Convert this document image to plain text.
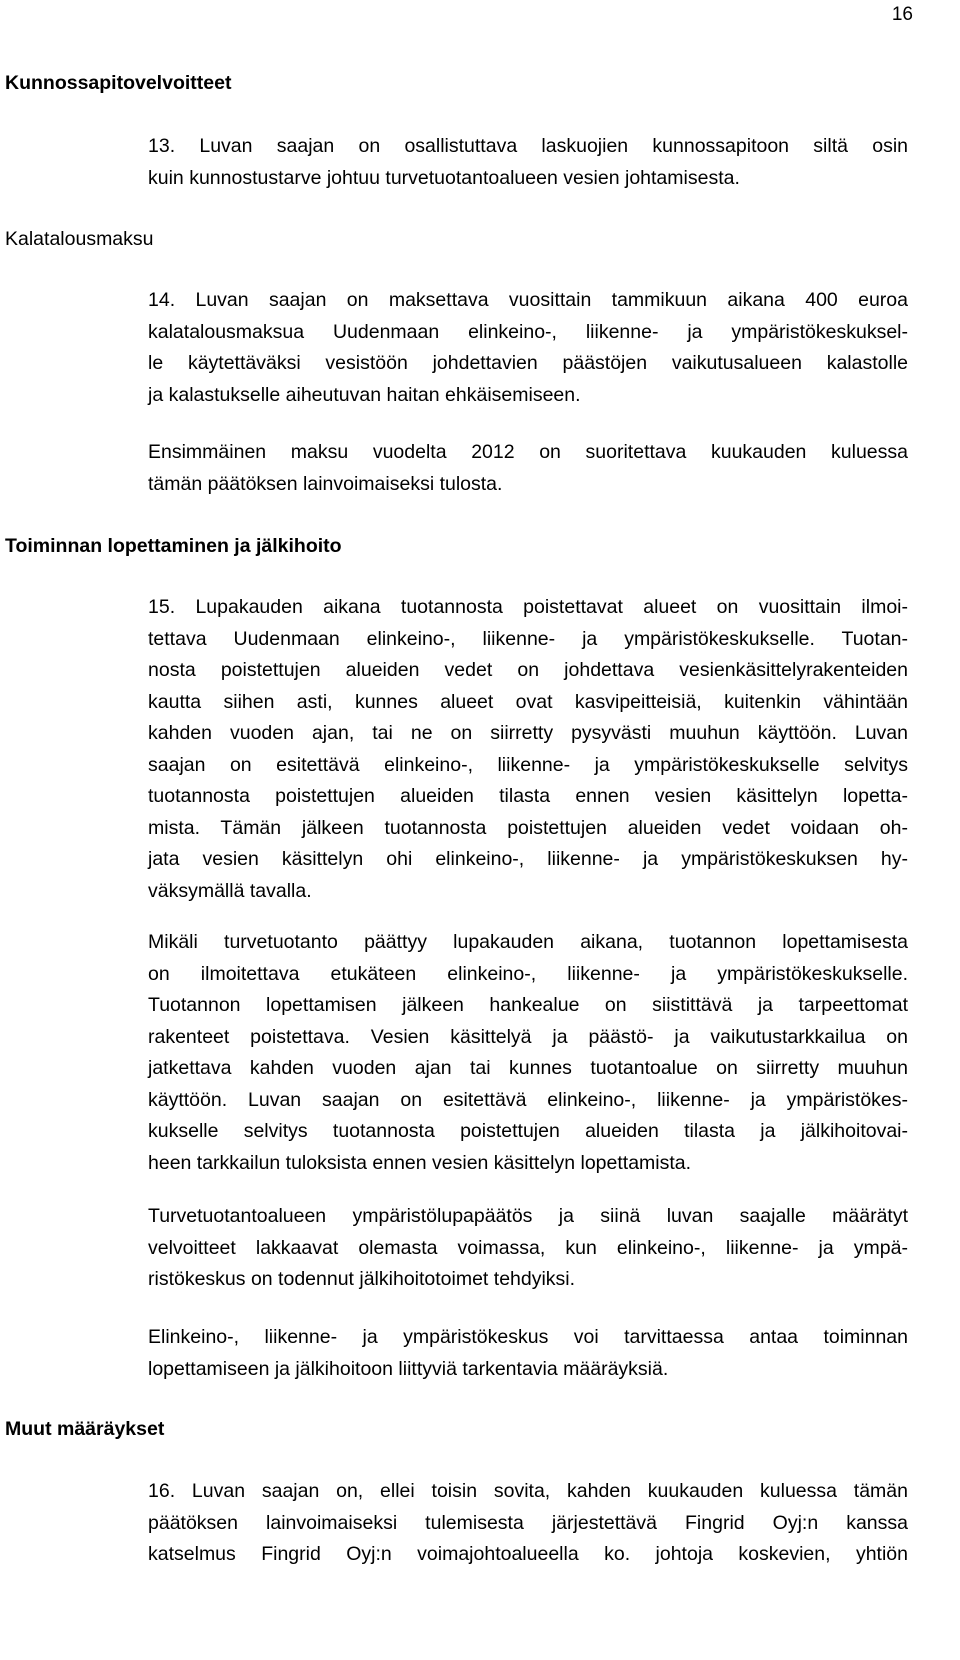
16
Kunnossapitovelvoitteet
Kalatalousmaksu
Toiminnan lopettaminen ja jälkihoito
Muut määräykset
13. Luvan saajan on osallistuttava laskuojien kunnossapitoon siltä osin
kuin kunnostustarve johtuu turvetuotantoalueen vesien johtamisesta.
14. Luvan saajan on maksettava vuosittain tammikuun aikana 400 euroa
kalatalousmaksua Uudenmaan elinkeino-, liikenne- ja ympäristökeskuksel-
le käytettäväksi vesistöön johdettavien päästöjen vaikutusalueen kalastolle
ja kalastukselle aiheutuvan haitan ehkäisemiseen.
Ensimmäinen maksu vuodelta 2012 on suoritettava kuukauden kuluessa
tämän päätöksen lainvoimaiseksi tulosta.
15. Lupakauden aikana tuotannosta poistettavat alueet on vuosittain ilmoi-
tettava Uudenmaan elinkeino-, liikenne- ja ympäristökeskukselle. Tuotan-
nosta poistettujen alueiden vedet on johdettava vesienkäsittelyrakenteiden
kautta siihen asti, kunnes alueet ovat kasvipeitteisiä, kuitenkin vähintään
kahden vuoden ajan, tai ne on siirretty pysyvästi muuhun käyttöön. Luvan
saajan on esitettävä elinkeino-, liikenne- ja ympäristökeskukselle selvitys
tuotannosta poistettujen alueiden tilasta ennen vesien käsittelyn lopetta-
mista. Tämän jälkeen tuotannosta poistettujen alueiden vedet voidaan oh-
jata vesien käsittelyn ohi elinkeino-, liikenne- ja ympäristökeskuksen hy-
väksymällä tavalla.
Mikäli turvetuotanto päättyy lupakauden aikana, tuotannon lopettamisesta
on ilmoitettava etukäteen elinkeino-, liikenne- ja ympäristökeskukselle.
Tuotannon lopettamisen jälkeen hankealue on siistittävä ja tarpeettomat
rakenteet poistettava. Vesien käsittelyä ja päästö- ja vaikutustarkkailua on
jatkettava kahden vuoden ajan tai kunnes tuotantoalue on siirretty muuhun
käyttöön. Luvan saajan on esitettävä elinkeino-, liikenne- ja ympäristökes-
kukselle selvitys tuotannosta poistettujen alueiden tilasta ja jälkihoitovai-
heen tarkkailun tuloksista ennen vesien käsittelyn lopettamista.
Turvetuotantoalueen ympäristölupapäätös ja siinä luvan saajalle määrätyt
velvoitteet lakkaavat olemasta voimassa, kun elinkeino-, liikenne- ja ympä-
ristökeskus on todennut jälkihoitotoimet tehdyiksi.
Elinkeino-, liikenne- ja ympäristökeskus voi tarvittaessa antaa toiminnan
lopettamiseen ja jälkihoitoon liittyviä tarkentavia määräyksiä.
16. Luvan saajan on, ellei toisin sovita, kahden kuukauden kuluessa tämän
päätöksen lainvoimaiseksi tulemisesta järjestettävä Fingrid Oyj:n kanssa
katselmus Fingrid Oyj:n voimajohtoalueella ko. johtoja koskevien, yhtiön
